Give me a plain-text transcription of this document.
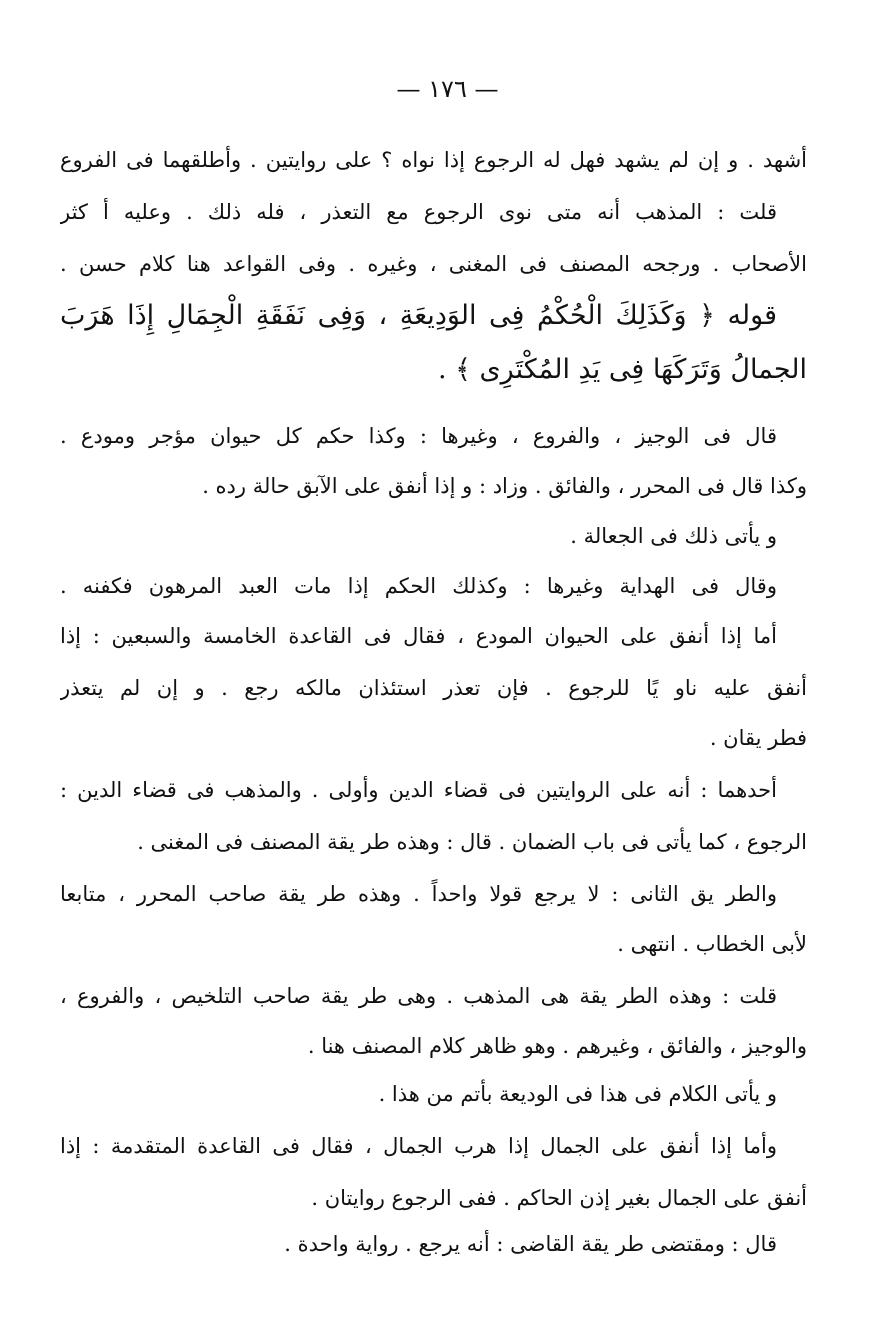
— ١٧٦ —
أشهد . و إن لم يشهد فهل له الرجوع إذا نواه ؟ على روايتين . وأطلقهما فى الفروع
قلت : المذهب أنه متى نوى الرجوع مع التعذر ، فله ذلك . وعليه أ كثر
الأصحاب . ورجحه المصنف فى المغنى ، وغيره . وفى القواعد هنا كلام حسن .
قوله ﴿ وَكَذَلِكَ الْحُكْمُ فِى الوَدِيعَةِ ، وَفِى نَفَقَةِ الْجِمَالِ إِذَا هَرَبَ
الجمالُ وَتَرَكَهَا فِى يَدِ المُكْتَرِى ﴾ .
قال فى الوجيز ، والفروع ، وغيرها : وكذا حكم كل حيوان مؤجر ومودع .
وكذا قال فى المحرر ، والفائق . وزاد : و إذا أنفق على الآبق حالة رده .
و يأتى ذلك فى الجعالة .
وقال فى الهداية وغيرها : وكذلك الحكم إذا مات العبد المرهون فكفنه .
أما إذا أنفق على الحيوان المودع ، فقال فى القاعدة الخامسة والسبعين : إذا
أنفق عليه ناو يًا للرجوع . فإن تعذر استئذان مالكه رجع . و إن لم يتعذر
فطر يقان .
أحدهما : أنه على الروايتين فى قضاء الدين وأولى . والمذهب فى قضاء الدين :
الرجوع ، كما يأتى فى باب الضمان . قال : وهذه طر يقة المصنف فى المغنى .
والطر يق الثانى : لا يرجع قولا واحداً . وهذه طر يقة صاحب المحرر ، متابعا
لأبى الخطاب . انتهى .
قلت : وهذه الطر يقة هى المذهب . وهى طر يقة صاحب التلخيص ، والفروع ،
والوجيز ، والفائق ، وغيرهم . وهو ظاهر كلام المصنف هنا .
و يأتى الكلام فى هذا فى الوديعة بأتم من هذا .
وأما إذا أنفق على الجمال إذا هرب الجمال ، فقال فى القاعدة المتقدمة : إذا
أنفق على الجمال بغير إذن الحاكم . ففى الرجوع روايتان .
قال : ومقتضى طر يقة القاضى : أنه يرجع . رواية واحدة .
